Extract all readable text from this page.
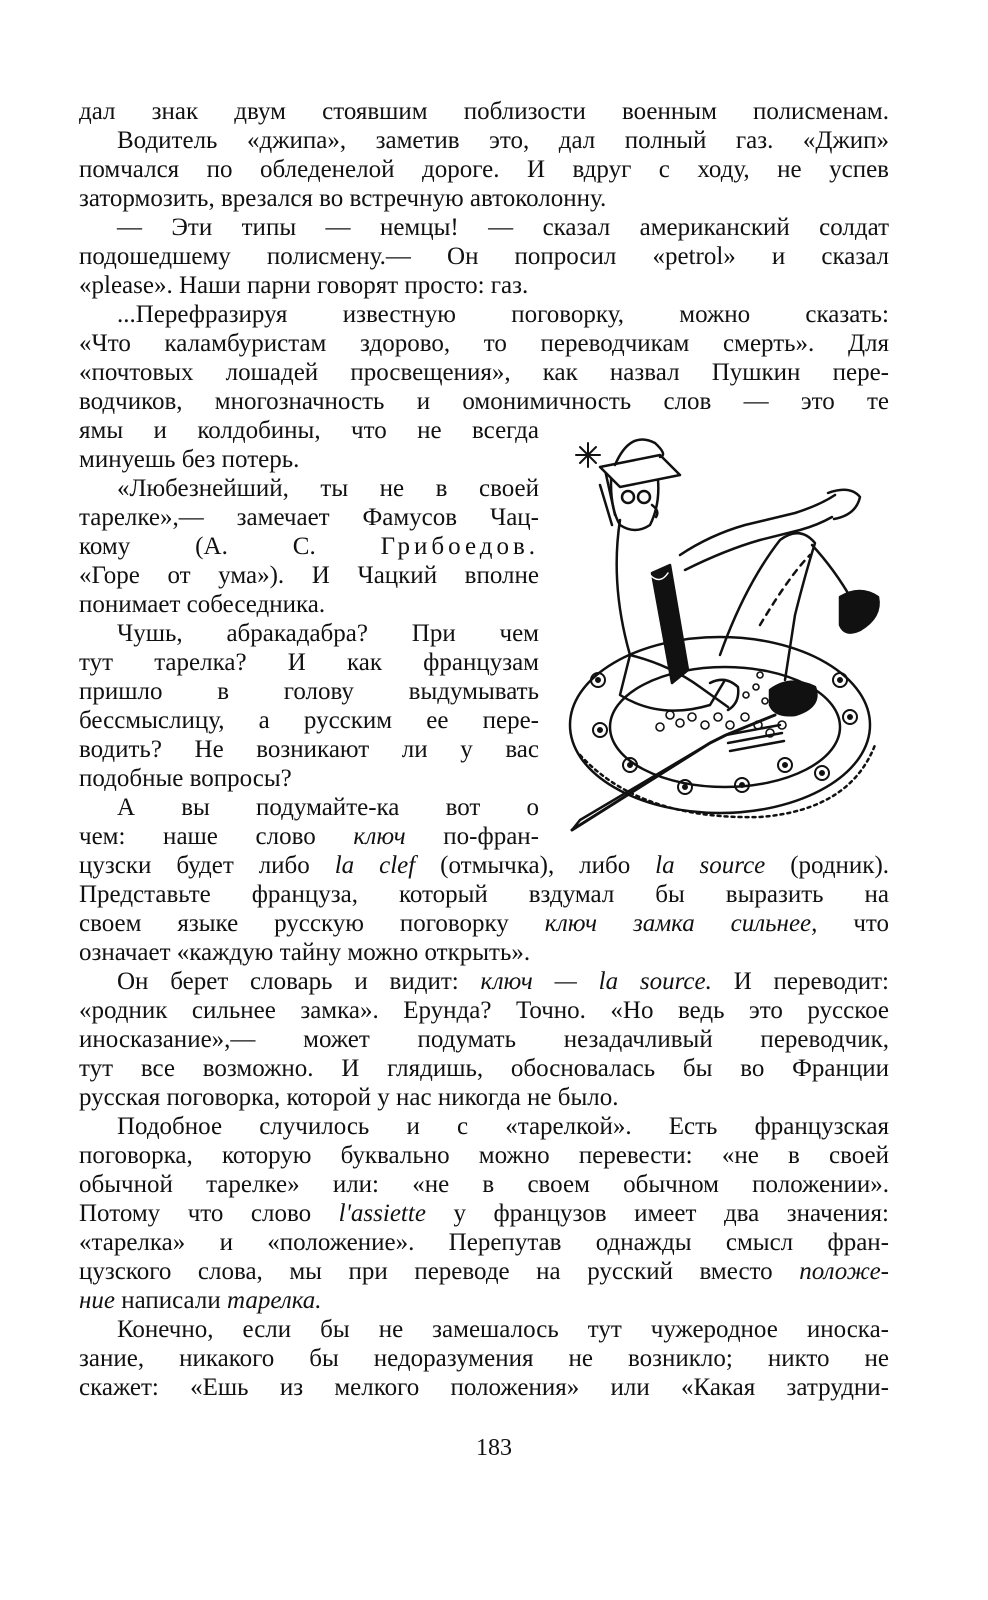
дал знак двум стоявшим поблизости военным полисменам.
Водитель «джипа», заметив это, дал полный газ. «Джип»
помчался по обледенелой дороге. И вдруг с ходу, не успев
затормозить, врезался во встречную автоколонну.
— Эти типы — немцы! — сказал американский солдат
подошедшему полисмену.— Он попросил «petrol» и сказал
«please». Наши парни говорят просто: газ.
...Перефразируя известную поговорку, можно сказать:
«Что каламбуристам здорово, то переводчикам смерть». Для
«почтовых лошадей просвещения», как назвал Пушкин пере-
водчиков, многозначность и омонимичность слов — это те
ямы и колдобины, что не всегда
минуешь без потерь.
«Любезнейший, ты не в своей
тарелке»,— замечает Фамусов Чац-
кому (А. С. Грибоедов.
«Горе от ума»). И Чацкий вполне
понимает собеседника.
Чушь, абракадабра? При чем
тут тарелка? И как французам
пришло в голову выдумывать
бессмыслицу, а русским ее пере-
водить? Не возникают ли у вас
подобные вопросы?
А вы подумайте-ка вот о
чем: наше слово ключ по-фран-
цузски будет либо la clef (отмычка), либо la source (родник).
Представьте француза, который вздумал бы выразить на
своем языке русскую поговорку ключ замка сильнее, что
означает «каждую тайну можно открыть».
Он берет словарь и видит: ключ — la source. И переводит:
«родник сильнее замка». Ерунда? Точно. «Но ведь это русское
иносказание»,— может подумать незадачливый переводчик,
тут все возможно. И глядишь, обосновалась бы во Франции
русская поговорка, которой у нас никогда не было.
Подобное случилось и с «тарелкой». Есть французская
поговорка, которую буквально можно перевести: «не в своей
обычной тарелке» или: «не в своем обычном положении».
Потому что слово l'assiette у французов имеет два значения:
«тарелка» и «положение». Перепутав однажды смысл фран-
цузского слова, мы при переводе на русский вместо положе-
ние написали тарелка.
Конечно, если бы не замешалось тут чужеродное иноска-
зание, никакого бы недоразумения не возникло; никто не
скажет: «Ешь из мелкого положения» или «Какая затрудни-
183
